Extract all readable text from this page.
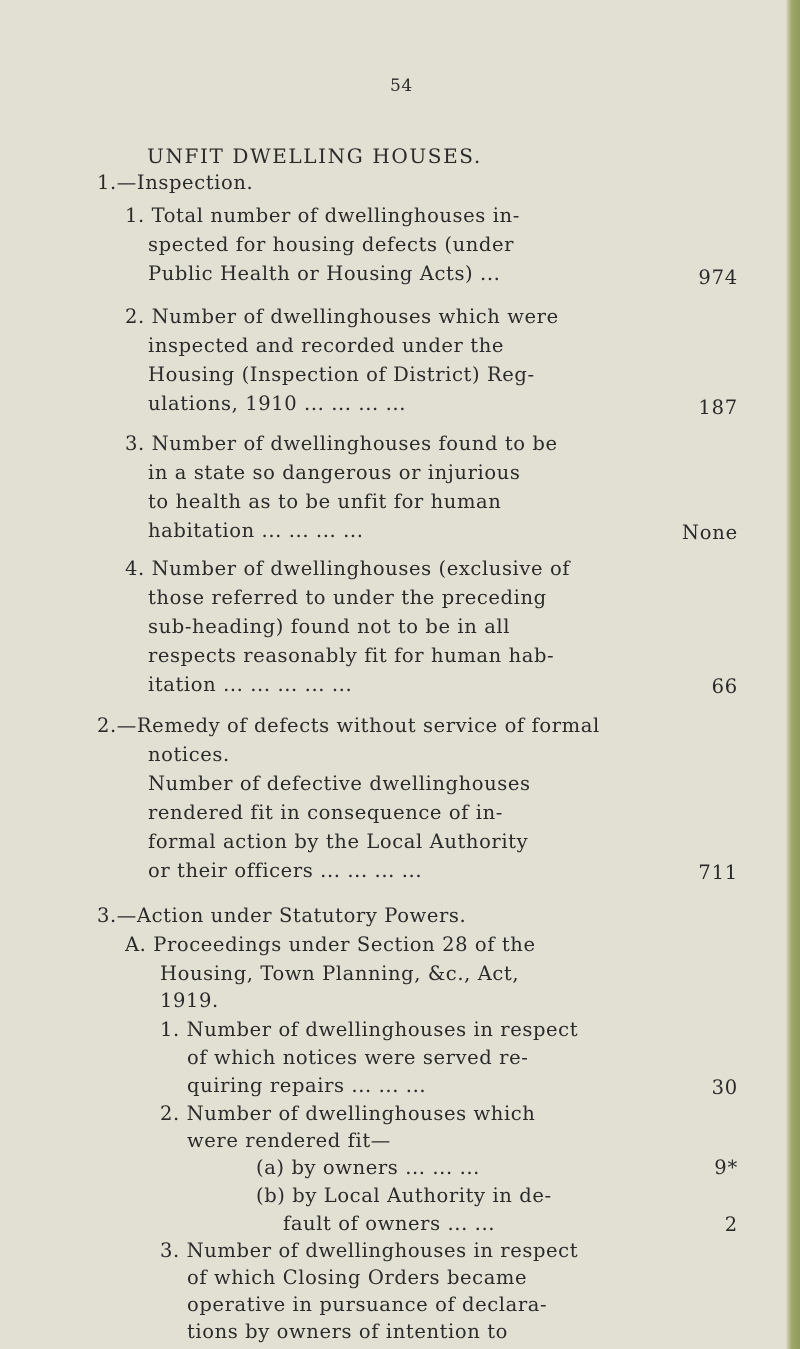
54
UNFIT DWELLING HOUSES.
1.—Inspection.
1. Total number of dwellinghouses in-
spected for housing defects (under
Public Health or Housing Acts) ...	974
2. Number of dwellinghouses which were
inspected and recorded under the
Housing (Inspection of District) Reg-
ulations, 1910 ... ... ... ...	187
3. Number of dwellinghouses found to be
in a state so dangerous or injurious
to health as to be unfit for human
habitation ... ... ... ...	None
4. Number of dwellinghouses (exclusive of
those referred to under the preceding
sub-heading) found not to be in all
respects reasonably fit for human hab-
itation ... ... ... ... ...	66
2.—Remedy of defects without service of formal
notices.
Number of defective dwellinghouses
rendered fit in consequence of in-
formal action by the Local Authority
or their officers ... ... ... ...	711
3.—Action under Statutory Powers.
A. Proceedings under Section 28 of the
Housing, Town Planning, &c., Act,
1919.
1. Number of dwellinghouses in respect
of which notices were served re-
quiring repairs ... ... ...	30
2. Number of dwellinghouses which
were rendered fit—
(a) by owners ... ... ...	9*
(b) by Local Authority in de-
fault of owners ... ...	2
3. Number of dwellinghouses in respect
of which Closing Orders became
operative in pursuance of declara-
tions by owners of intention to
